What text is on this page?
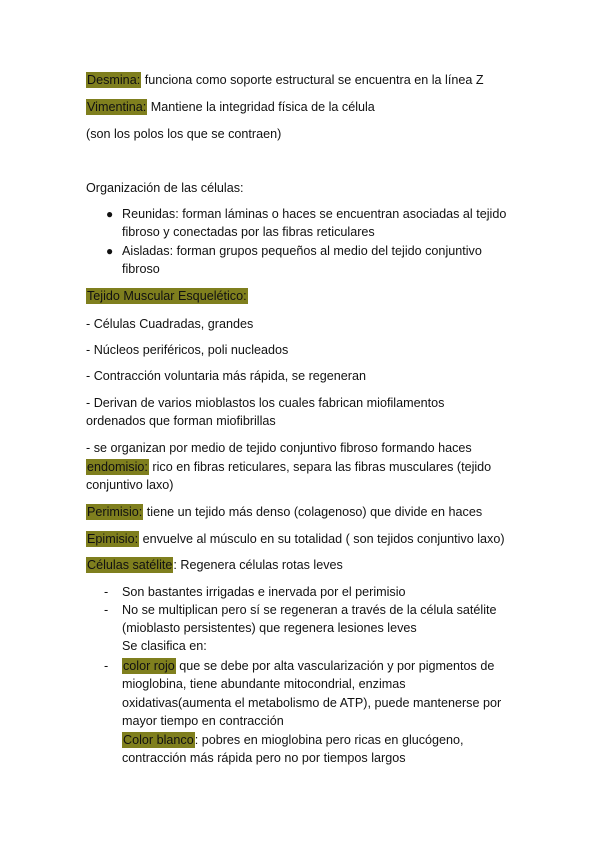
Desmina: funciona como soporte estructural se encuentra en la línea Z
Vimentina: Mantiene la integridad física de la célula
(son los polos los que se contraen)
Organización de las células:
● Reunidas: forman láminas o haces se encuentran asociadas al tejido
fibroso y conectadas por las fibras reticulares
● Aisladas: forman grupos pequeños al medio del tejido conjuntivo
fibroso
Tejido Muscular Esquelético:
- Células Cuadradas, grandes
- Núcleos periféricos, poli nucleados
- Contracción voluntaria más rápida, se regeneran
- Derivan de varios mioblastos los cuales fabrican miofilamentos
ordenados que forman miofibrillas
- se organizan por medio de tejido conjuntivo fibroso formando haces
endomisio: rico en fibras reticulares, separa las fibras musculares (tejido
conjuntivo laxo)
Perimisio: tiene un tejido más denso (colagenoso) que divide en haces
Epimisio: envuelve al músculo en su totalidad ( son tejidos conjuntivo laxo)
Células satélite: Regenera células rotas leves
- Son bastantes irrigadas e inervada por el perimisio
- No se multiplican pero sí se regeneran a través de la célula satélite
(mioblasto persistentes) que regenera lesiones leves
Se clasifica en:
- color rojo que se debe por alta vascularización y por pigmentos de
mioglobina, tiene abundante mitocondrial, enzimas
oxidativas(aumenta el metabolismo de ATP), puede mantenerse por
mayor tiempo en contracción
Color blanco: pobres en mioglobina pero ricas en glucógeno,
contracción más rápida pero no por tiempos largos
